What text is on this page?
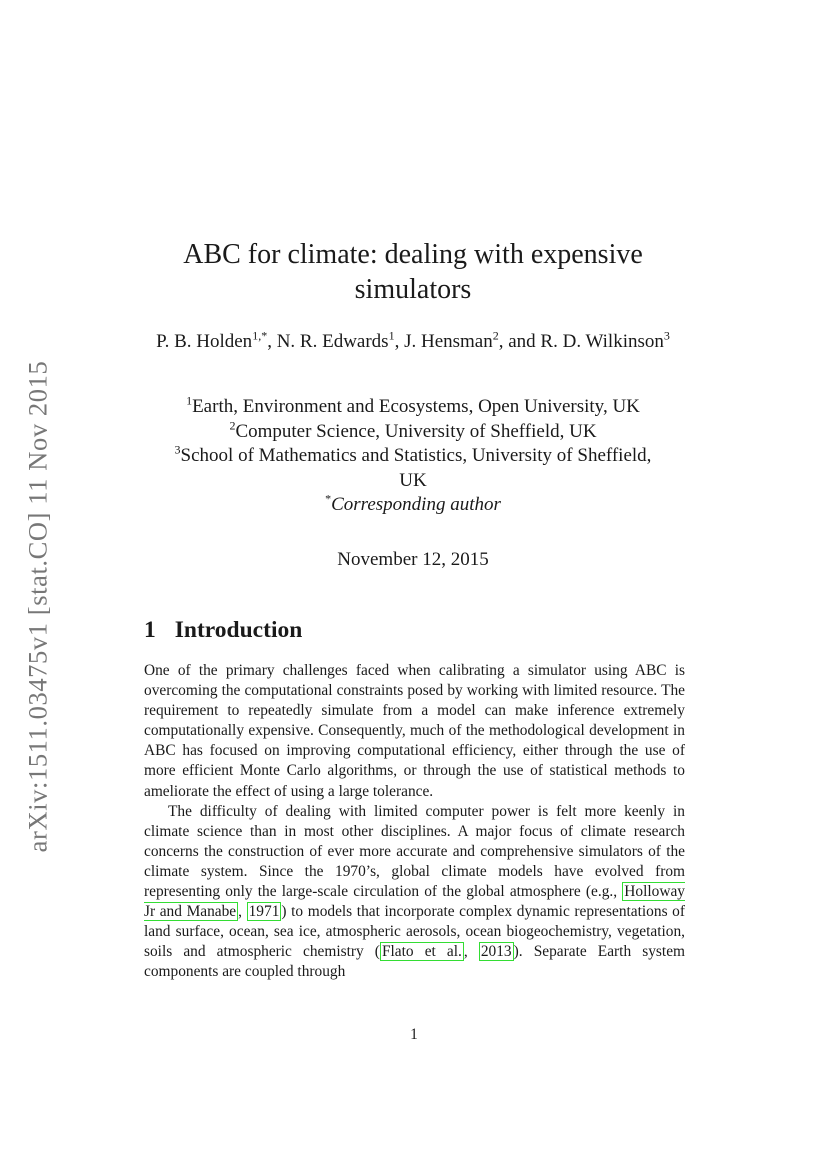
arXiv:1511.03475v1 [stat.CO] 11 Nov 2015
ABC for climate: dealing with expensive
simulators
P. B. Holden$^{1,*}$, N. R. Edwards$^1$, J. Hensman$^2$, and R. D. Wilkinson$^3$
$^1$Earth, Environment and Ecosystems, Open University, UK
$^2$Computer Science, University of Sheffield, UK
$^3$School of Mathematics and Statistics, University of Sheffield,
UK
*Corresponding author
November 12, 2015
1 Introduction

One of the primary challenges faced when calibrating a simulator using ABC is overcoming the computational constraints posed by working with limited resource. The requirement to repeatedly simulate from a model can make inference extremely computationally expensive. Consequently, much of the methodological development in ABC has focused on improving computational efficiency, either through the use of more efficient Monte Carlo algorithms, or through the use of statistical methods to ameliorate the effect of using a large tolerance.

The difficulty of dealing with limited computer power is felt more keenly in climate science than in most other disciplines. A major focus of climate research concerns the construction of ever more accurate and comprehensive simulators of the climate system. Since the 1970’s, global climate models have evolved from representing only the large-scale circulation of the global atmosphere (e.g., Holloway Jr and Manabe , 1971 ) to models that incorporate complex dynamic representations of land surface, ocean, sea ice, atmospheric aerosols, ocean biogeochemistry, vegetation, soils and atmospheric chemistry ( Flato et al. , 2013 ). Separate Earth system components are coupled through

1
